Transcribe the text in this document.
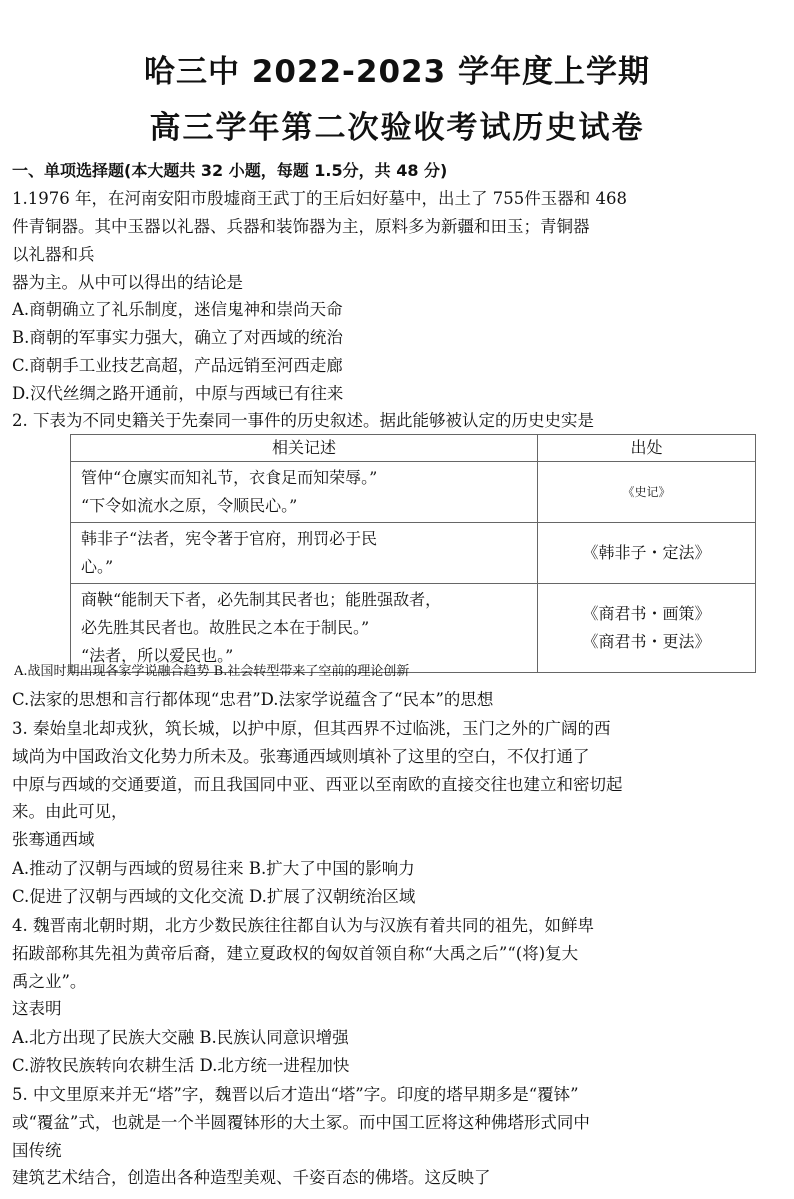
哈三中 2022-2023 学年度上学期
高三学年第二次验收考试历史试卷
一、单项选择题(本大题共 32 小题，每题 1.5分，共 48 分)
1.1976 年，在河南安阳市殷墟商王武丁的王后妇好墓中，出土了 755件玉器和 468
件青铜器。其中玉器以礼器、兵器和装饰器为主，原料多为新疆和田玉；青铜器
以礼器和兵
器为主。从中可以得出的结论是
A.商朝确立了礼乐制度，迷信鬼神和崇尚天命
B.商朝的军事实力强大，确立了对西域的统治
C.商朝手工业技艺高超，产品远销至河西走廊
D.汉代丝绸之路开通前，中原与西域已有往来
2. 下表为不同史籍关于先秦同一事件的历史叙述。据此能够被认定的历史史实是
相关记述	出处

管仲“仓廪实而知礼节，衣食足而知荣辱。”
“下令如流水之原，令顺民心。”	《史记》

韩非子“法者，宪令著于官府，刑罚必于民
心。”	《韩非子・定法》

商鞅“能制天下者，必先制其民者也；能胜强敌者，
必先胜其民者也。故胜民之本在于制民。”
“法者，所以爱民也。”	《商君书・画策》
《商君书・更法》
A.战国时期出现各家学说融合趋势 B.社会转型带来了空前的理论创新
C.法家的思想和言行都体现“忠君”D.法家学说蕴含了“民本”的思想
3. 秦始皇北却戎狄，筑长城，以护中原，但其西界不过临洮，玉门之外的广阔的西
域尚为中国政治文化势力所未及。张骞通西域则填补了这里的空白，不仅打通了
中原与西域的交通要道，而且我国同中亚、西亚以至南欧的直接交往也建立和密切起
来。由此可见，
张骞通西域
A.推动了汉朝与西域的贸易往来 B.扩大了中国的影响力
C.促进了汉朝与西域的文化交流 D.扩展了汉朝统治区域
4. 魏晋南北朝时期，北方少数民族往往都自认为与汉族有着共同的祖先，如鲜卑
拓跋部称其先祖为黄帝后裔，建立夏政权的匈奴首领自称“大禹之后”“(将)复大
禹之业”。
这表明
A.北方出现了民族大交融 B.民族认同意识增强
C.游牧民族转向农耕生活 D.北方统一进程加快
5. 中文里原来并无“塔”字，魏晋以后才造出“塔”字。印度的塔早期多是“覆钵”
或“覆盆”式，也就是一个半圆覆钵形的大土冢。而中国工匠将这种佛塔形式同中
国传统
建筑艺术结合，创造出各种造型美观、千姿百态的佛塔。这反映了
